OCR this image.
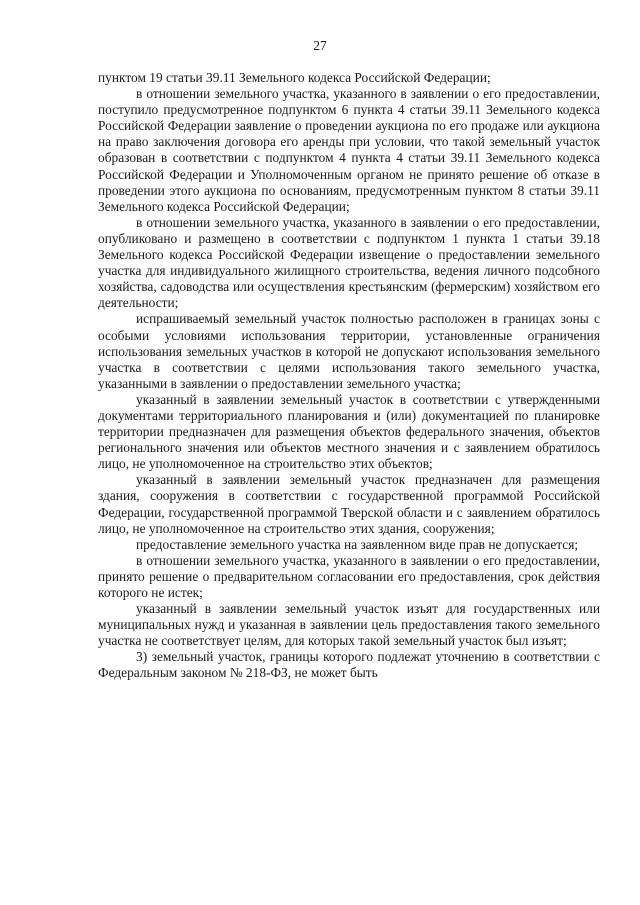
27

пунктом 19 статьи 39.11 Земельного кодекса Российской Федерации;

в отношении земельного участка, указанного в заявлении о его предоставлении, поступило предусмотренное подпунктом 6 пункта 4 статьи 39.11 Земельного кодекса Российской Федерации заявление о проведении аукциона по его продаже или аукциона на право заключения договора его аренды при условии, что такой земельный участок образован в соответствии с подпунктом 4 пункта 4 статьи 39.11 Земельного кодекса Российской Федерации и Уполномоченным органом не принято решение об отказе в проведении этого аукциона по основаниям, предусмотренным пунктом 8 статьи 39.11 Земельного кодекса Российской Федерации;

в отношении земельного участка, указанного в заявлении о его предоставлении, опубликовано и размещено в соответствии с подпунктом 1 пункта 1 статьи 39.18 Земельного кодекса Российской Федерации извещение о предоставлении земельного участка для индивидуального жилищного строительства, ведения личного подсобного хозяйства, садоводства или осуществления крестьянским (фермерским) хозяйством его деятельности;

испрашиваемый земельный участок полностью расположен в границах зоны с особыми условиями использования территории, установленные ограничения использования земельных участков в которой не допускают использования земельного участка в соответствии с целями использования такого земельного участка, указанными в заявлении о предоставлении земельного участка;

указанный в заявлении земельный участок в соответствии с утвержденными документами территориального планирования и (или) документацией по планировке территории предназначен для размещения объектов федерального значения, объектов регионального значения или объектов местного значения и с заявлением обратилось лицо, не уполномоченное на строительство этих объектов;

указанный в заявлении земельный участок предназначен для размещения здания, сооружения в соответствии с государственной программой Российской Федерации, государственной программой Тверской области и с заявлением обратилось лицо, не уполномоченное на строительство этих здания, сооружения;

предоставление земельного участка на заявленном виде прав не допускается;

в отношении земельного участка, указанного в заявлении о его предоставлении, принято решение о предварительном согласовании его предоставления, срок действия которого не истек;

указанный в заявлении земельный участок изъят для государственных или муниципальных нужд и указанная в заявлении цель предоставления такого земельного участка не соответствует целям, для которых такой земельный участок был изъят;

3) земельный участок, границы которого подлежат уточнению в соответствии с Федеральным законом № 218-ФЗ, не может быть
